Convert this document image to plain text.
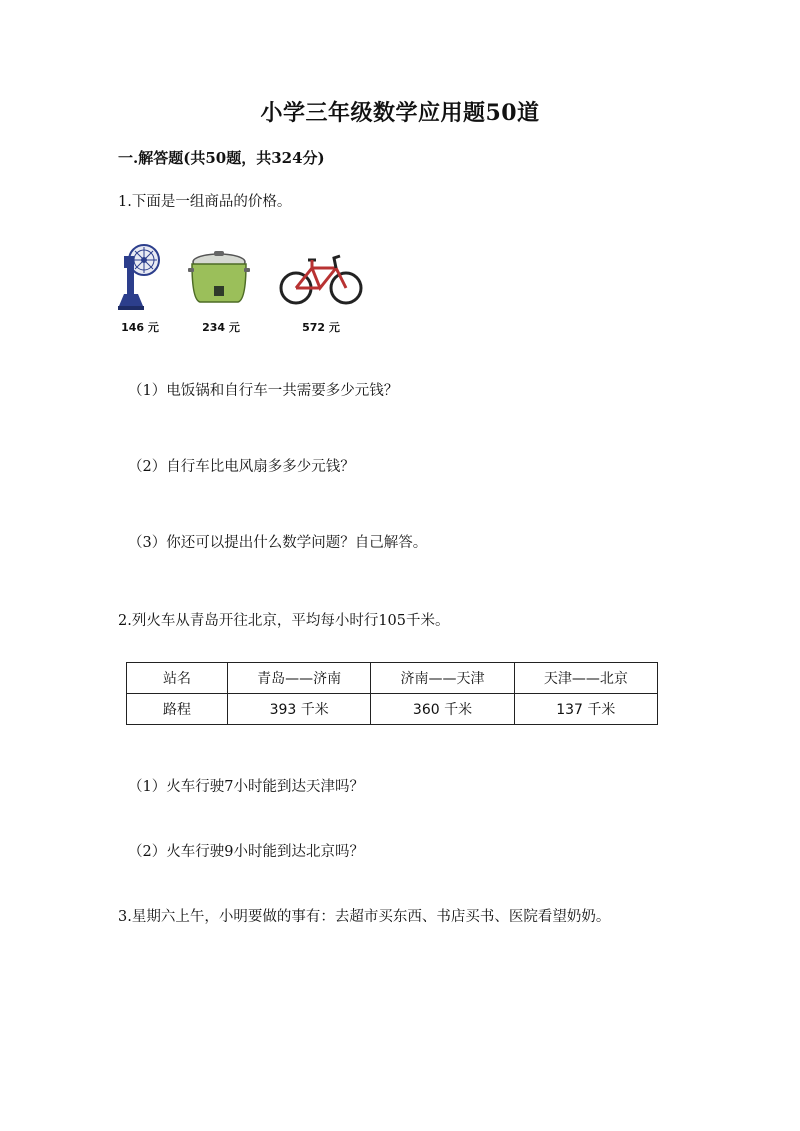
小学三年级数学应用题50道
一.解答题(共50题，共324分)
1.下面是一组商品的价格。
146 元	234 元	572 元
（1）电饭锅和自行车一共需要多少元钱？
（2）自行车比电风扇多多少元钱？
（3）你还可以提出什么数学问题？自己解答。
2.列火车从青岛开往北京，平均每小时行105千米。
站名	青岛——济南	济南——天津	天津——北京
路程	393 千米	360 千米	137 千米
（1）火车行驶7小时能到达天津吗？
（2）火车行驶9小时能到达北京吗？
3.星期六上午，小明要做的事有：去超市买东西、书店买书、医院看望奶奶。
